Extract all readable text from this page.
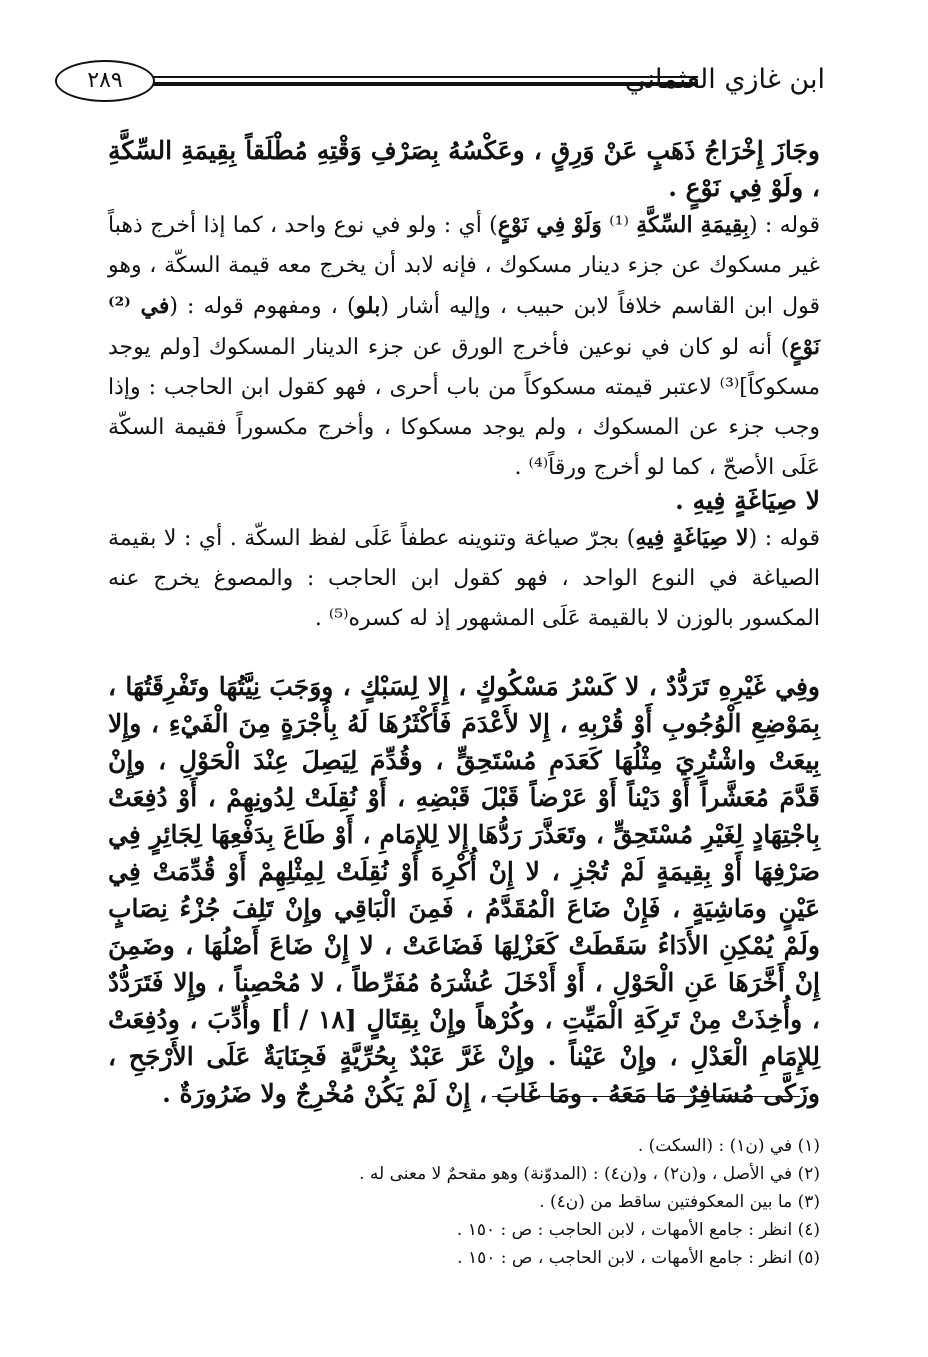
٢٨٩	ابن غازي العثماني
وجَازَ إِخْرَاجُ ذَهَبٍ عَنْ وَرِقٍ ، وعَكْسُهُ بِصَرْفِ وَقْتِهِ مُطْلَقاً بِقِيمَةِ السِّكَّةِ ، ولَوْ فِي نَوْعٍ .
قوله : (بِقِيمَةِ السِّكَّةِ ⁽¹⁾ وَلَوْ فِي نَوْعٍ) أي : ولو في نوع واحد ، كما إذا أخرج ذهباً غير مسكوك عن جزء دينار مسكوك ، فإنه لابد أن يخرج معه قيمة السكّة ، وهو قول ابن القاسم خلافاً لابن حبيب ، وإليه أشار (بلو) ، ومفهوم قوله : (في ⁽²⁾ نَوْعٍ) أنه لو كان في نوعين فأخرج الورق عن جزء الدينار المسكوك [ولم يوجد مسكوكاً]⁽³⁾ لاعتبر قيمته مسكوكاً من باب أحرى ، فهو كقول ابن الحاجب : وإذا وجب جزء عن المسكوك ، ولم يوجد مسكوكا ، وأخرج مكسوراً فقيمة السكّة عَلَى الأصحّ ، كما لو أخرج ورقاً⁽⁴⁾ .
لا صِيَاغَةٍ فِيهِ .
قوله : (لا صِيَاغَةٍ فِيهِ) بجرّ صياغة وتنوينه عطفاً عَلَى لفظ السكّة . أي : لا بقيمة الصياغة في النوع الواحد ، فهو كقول ابن الحاجب : والمصوغ يخرج عنه المكسور بالوزن لا بالقيمة عَلَى المشهور إذ له كسره⁽⁵⁾ .
وفِي غَيْرِهِ تَرَدُّدٌ ، لا كَسْرُ مَسْكُوكٍ ، إِلا لِسَبْكٍ ، ووَجَبَ نِيَّتُهَا وتَفْرِقَتُهَا ، بِمَوْضِعِ الْوُجُوبِ أَوْ قُرْبِهِ ، إِلا لأَعْدَمَ فَأَكْثَرُهَا لَهُ بِأُجْرَةٍ مِنَ الْفَيْءِ ، وإِلا بِيعَتْ واشْتُرِيَ مِثْلُهَا كَعَدَمِ مُسْتَحِقٍّ ، وقُدِّمَ لِيَصِلَ عِنْدَ الْحَوْلِ ، وإِنْ قَدَّمَ مُعَشَّراً أَوْ دَيْناً أَوْ عَرْضاً قَبْلَ قَبْضِهِ ، أَوْ نُقِلَتْ لِدُونِهِمْ ، أَوْ دُفِعَتْ بِاجْتِهَادٍ لِغَيْرِ مُسْتَحِقٍّ ، وتَعَذَّرَ رَدُّهَا إِلا لِلإِمَامِ ، أَوْ طَاعَ بِدَفْعِهَا لِجَائِرٍ فِي صَرْفِهَا أَوْ بِقِيمَةٍ لَمْ تُجْزِ ، لا إِنْ أُكْرِهَ أَوْ نُقِلَتْ لِمِثْلِهِمْ أَوْ قُدِّمَتْ فِي عَيْنٍ ومَاشِيَةٍ ، فَإِنْ ضَاعَ الْمُقَدَّمُ ، فَمِنَ الْبَاقِي وإِنْ تَلِفَ جُزْءُ نِصَابٍ ولَمْ يُمْكِنِ الأَدَاءُ سَقَطَتْ كَعَزْلِهَا فَضَاعَتْ ، لا إِنْ ضَاعَ أَصْلُهَا ، وضَمِنَ إِنْ أَخَّرَهَا عَنِ الْحَوْلِ ، أَوْ أَدْخَلَ عُشْرَهُ مُفَرِّطاً ، لا مُحْصِناً ، وإِلا فَتَرَدُّدٌ ، وأُخِذَتْ مِنْ تَرِكَةِ الْمَيِّتِ ، وكُرْهاً وإِنْ بِقِتَالٍ [١٨ / أ] وأُدِّبَ ، ودُفِعَتْ لِلإِمَامِ الْعَدْلِ ، وإِنْ عَيْناً . وإِنْ غَرَّ عَبْدٌ بِحُرِّيَّةٍ فَجِنَايَةٌ عَلَى الأَرْجَحِ ، وزَكَّى مُسَافِرٌ مَا مَعَهُ . ومَا غَابَ ، إِنْ لَمْ يَكُنْ مُخْرِجٌ ولا ضَرُورَةٌ .
(١) في (ن١) : (السكت) .
(٢) في الأصل ، و(ن٢) ، و(ن٤) : (المدوّنة) وهو مقحمٌ لا معنى له .
(٣) ما بين المعكوفتين ساقط من (ن٤) .
(٤) انظر : جامع الأمهات ، لابن الحاجب : ص : ١٥٠ .
(٥) انظر : جامع الأمهات ، لابن الحاجب ، ص : ١٥٠ .
